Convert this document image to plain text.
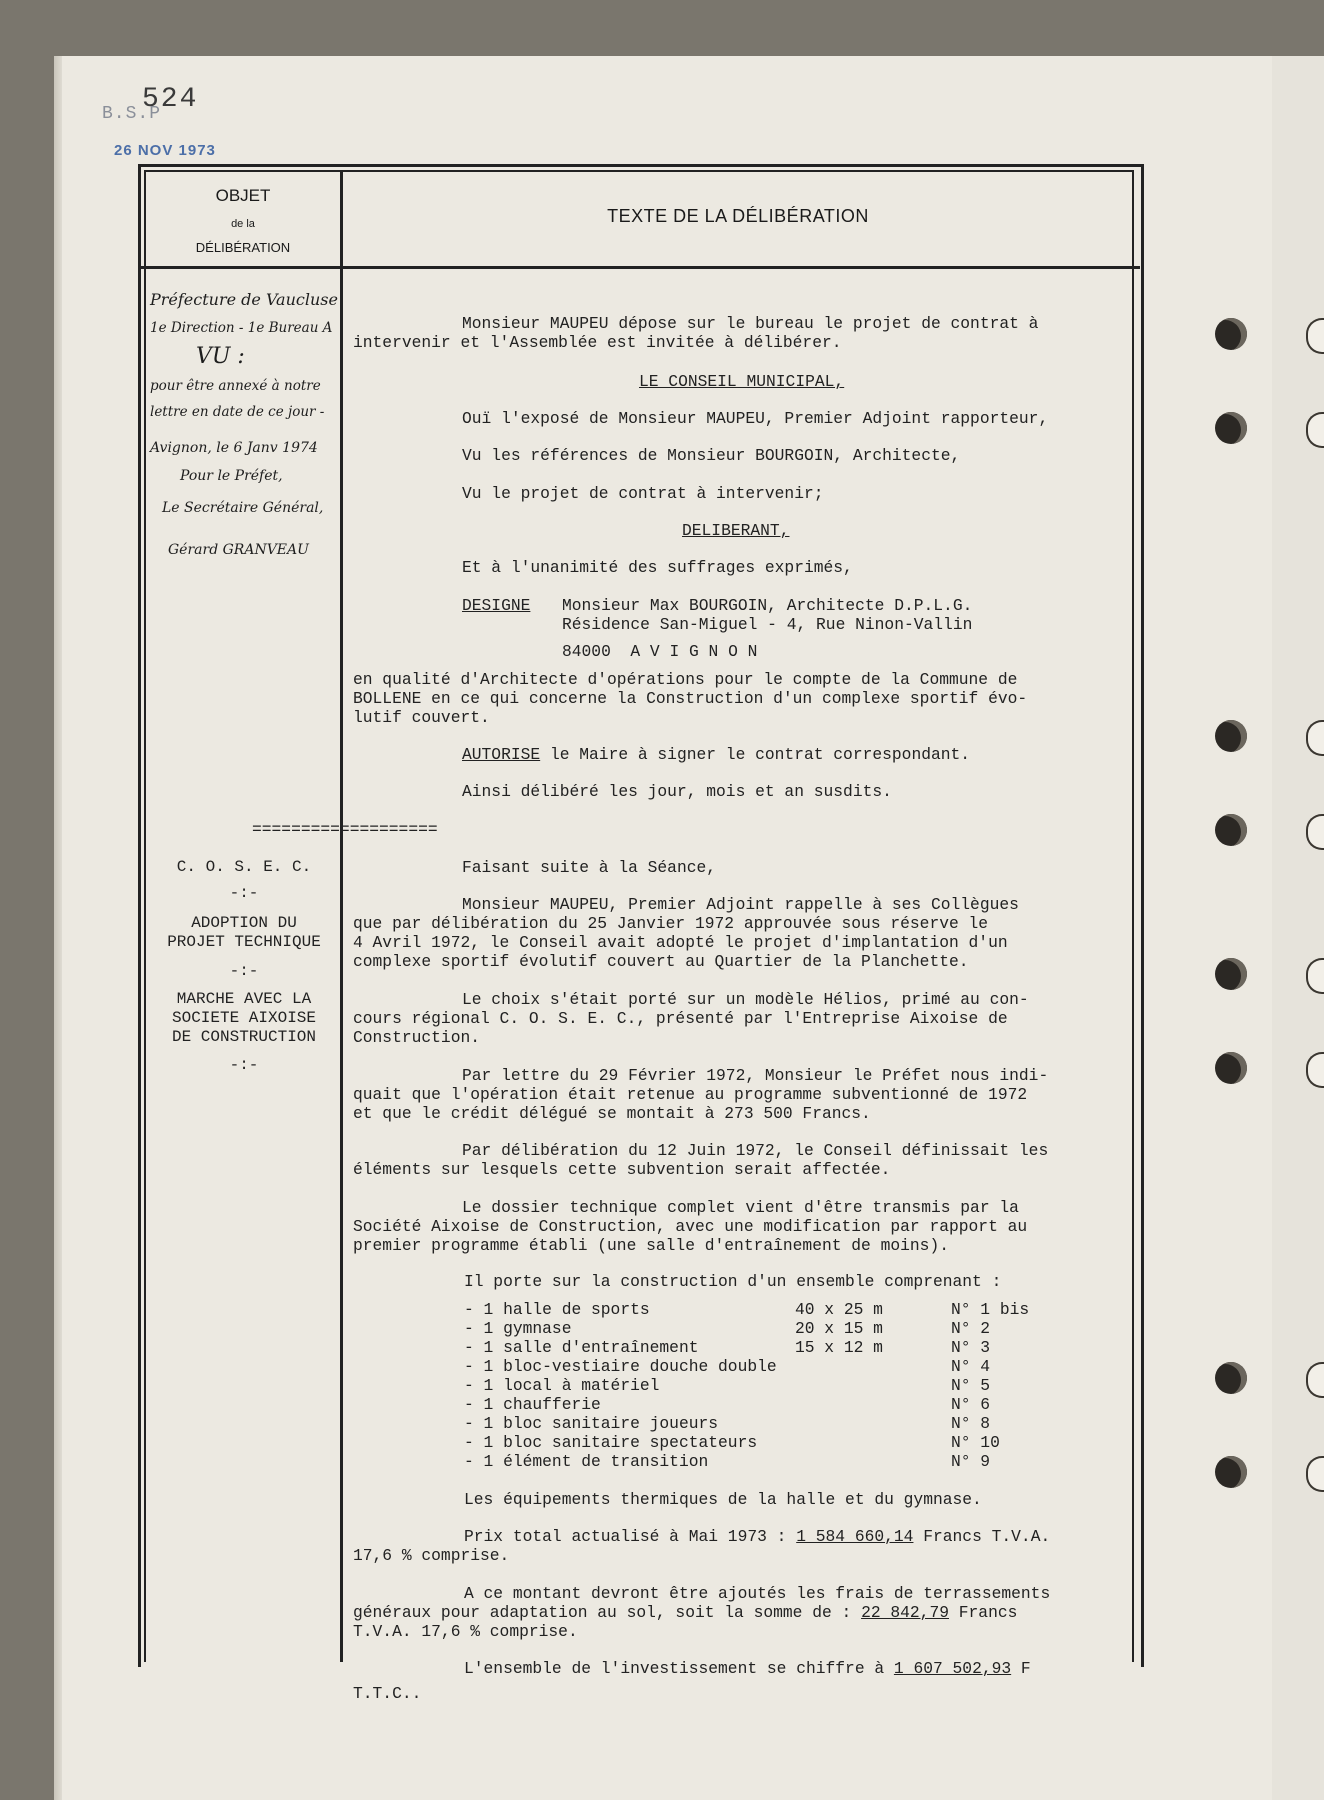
524
B.S.P
26 NOV 1973
OBJET
de la
DÉLIBÉRATION
TEXTE DE LA DÉLIBÉRATION
Préfecture de Vaucluse
1e Direction - 1e Bureau A
VU :
pour être annexé à notre
lettre en date de ce jour -
Avignon, le 6 Janv 1974
Pour le Préfet,
Le Secrétaire Général,
Gérard GRANVEAU
===================
C. O. S. E. C.
-:-
ADOPTION DU
PROJET TECHNIQUE
-:-
MARCHE AVEC LA
SOCIETE AIXOISE
DE CONSTRUCTION
-:-
Monsieur MAUPEU dépose sur le bureau le projet de contrat à
intervenir et l'Assemblée est invitée à délibérer.
LE CONSEIL MUNICIPAL,
Ouï l'exposé de Monsieur MAUPEU, Premier Adjoint rapporteur,
Vu les références de Monsieur BOURGOIN, Architecte,
Vu le projet de contrat à intervenir;
DELIBERANT,
Et à l'unanimité des suffrages exprimés,
DESIGNE Monsieur Max BOURGOIN, Architecte D.P.L.G.
Résidence San-Miguel - 4, Rue Ninon-Vallin
84000  A V I G N O N
en qualité d'Architecte d'opérations pour le compte de la Commune de
BOLLENE en ce qui concerne la Construction d'un complexe sportif évo-
lutif couvert.
AUTORISE le Maire à signer le contrat correspondant.
Ainsi délibéré les jour, mois et an susdits.
Faisant suite à la Séance,
Monsieur MAUPEU, Premier Adjoint rappelle à ses Collègues
que par délibération du 25 Janvier 1972 approuvée sous réserve le
4 Avril 1972, le Conseil avait adopté le projet d'implantation d'un
complexe sportif évolutif couvert au Quartier de la Planchette.
Le choix s'était porté sur un modèle Hélios, primé au con-
cours régional C. O. S. E. C., présenté par l'Entreprise Aixoise de
Construction.
Par lettre du 29 Février 1972, Monsieur le Préfet nous indi-
quait que l'opération était retenue au programme subventionné de 1972
et que le crédit délégué se montait à 273 500 Francs.
Par délibération du 12 Juin 1972, le Conseil définissait les
éléments sur lesquels cette subvention serait affectée.
Le dossier technique complet vient d'être transmis par la
Société Aixoise de Construction, avec une modification par rapport au
premier programme établi (une salle d'entraînement de moins).
Il porte sur la construction d'un ensemble comprenant :
- 1 halle de sports	40 x 25 m	N° 1 bis
- 1 gymnase	20 x 15 m	N° 2
- 1 salle d'entraînement	15 x 12 m	N° 3
- 1 bloc-vestiaire douche double	N° 4
- 1 local à matériel	N° 5
- 1 chaufferie	N° 6
- 1 bloc sanitaire joueurs	N° 8
- 1 bloc sanitaire spectateurs	N° 10
- 1 élément de transition	N° 9
Les équipements thermiques de la halle et du gymnase.
Prix total actualisé à Mai 1973 : 1 584 660,14 Francs T.V.A.
17,6 % comprise.
A ce montant devront être ajoutés les frais de terrassements
généraux pour adaptation au sol, soit la somme de : 22 842,79 Francs
T.V.A. 17,6 % comprise.
L'ensemble de l'investissement se chiffre à 1 607 502,93 F
T.T.C..
